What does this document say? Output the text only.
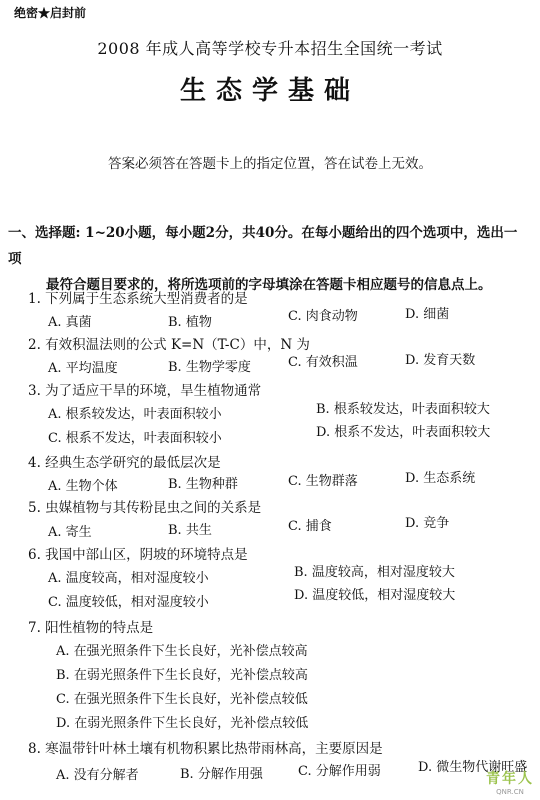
绝密★启封前
2008 年成人高等学校专升本招生全国统一考试
生态学基础
答案必须答在答题卡上的指定位置，答在试卷上无效。
一、选择题: 1~20小题，每小题2分，共40分。在每小题给出的四个选项中，选出一项
最符合题目要求的，将所选项前的字母填涂在答题卡相应题号的信息点上。
1. 下列属于生态系统大型消费者的是
A. 真菌	B. 植物	C. 肉食动物	D. 细菌
2. 有效积温法则的公式 K=N（T-C）中，N 为
A. 平均温度	B. 生物学零度	C. 有效积温	D. 发育天数
3. 为了适应干旱的环境，旱生植物通常
A. 根系较发达，叶表面积较小	B. 根系较发达，叶表面积较大
C. 根系不发达，叶表面积较小	D. 根系不发达，叶表面积较大
4. 经典生态学研究的最低层次是
A. 生物个体	B. 生物种群	C. 生物群落	D. 生态系统
5. 虫媒植物与其传粉昆虫之间的关系是
A. 寄生	B. 共生	C. 捕食	D. 竞争
6. 我国中部山区，阴坡的环境特点是
A. 温度较高，相对湿度较小	B. 温度较高，相对湿度较大
C. 温度较低，相对湿度较小	D. 温度较低，相对湿度较大
7. 阳性植物的特点是
A. 在强光照条件下生长良好，光补偿点较高
B. 在弱光照条件下生长良好，光补偿点较高
C. 在强光照条件下生长良好，光补偿点较低
D. 在弱光照条件下生长良好，光补偿点较低
8. 寒温带针叶林土壤有机物积累比热带雨林高，主要原因是
A. 没有分解者	B. 分解作用强	C. 分解作用弱	D. 微生物代谢旺盛
青年人
QNR.CN
